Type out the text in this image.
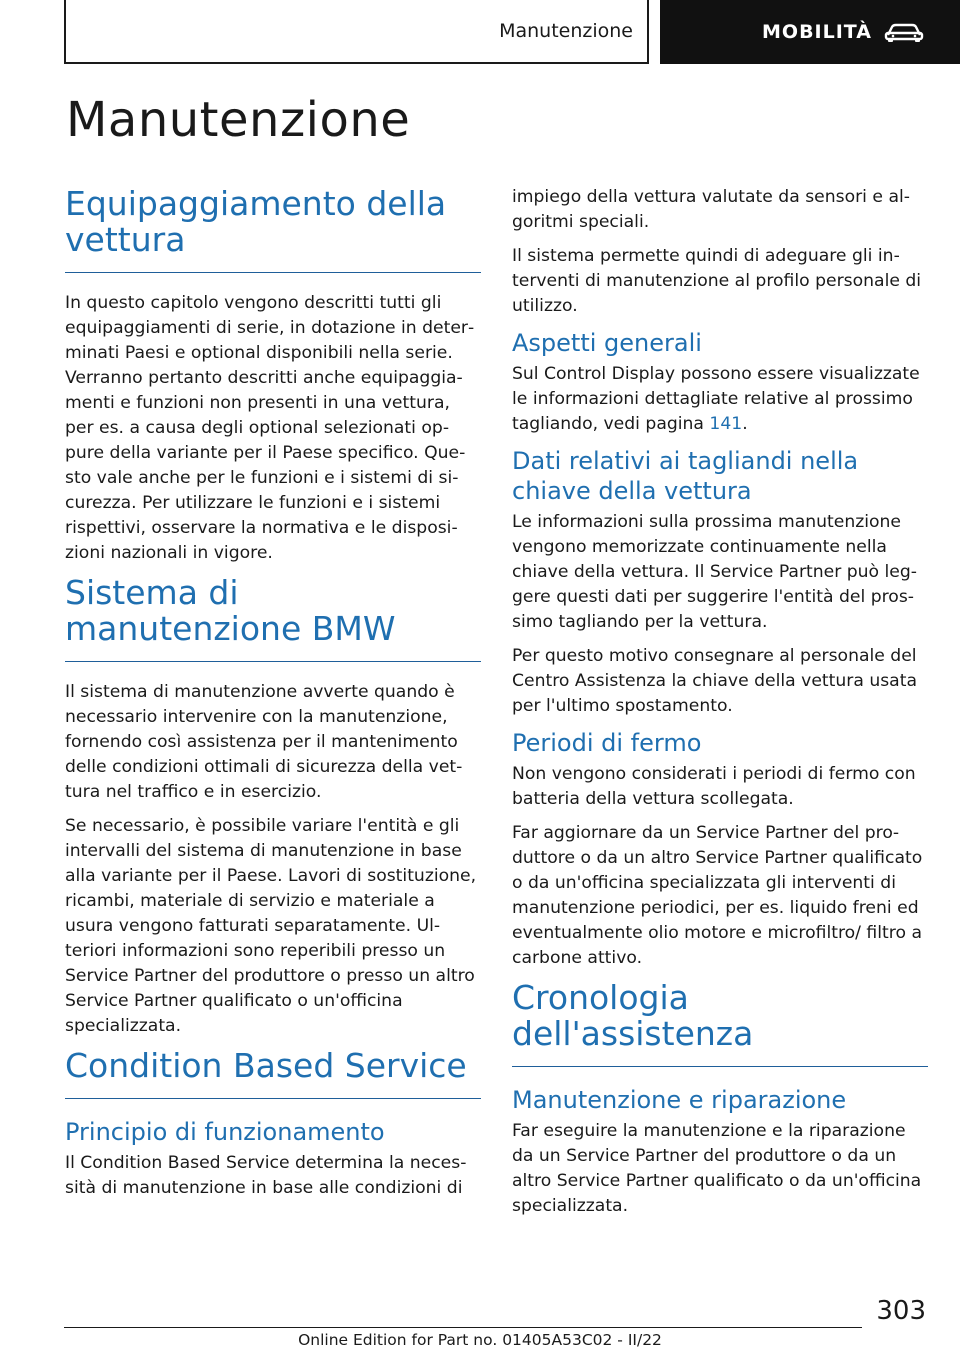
Manutenzione	MOBILITÀ
Manutenzione
Equipaggiamento della vettura

In questo capitolo vengono descritti tutti gli equipaggiamenti di serie, in dotazione in determinati Paesi e optional disponibili nella serie. Verranno pertanto descritti anche equipaggiamenti e funzioni non presenti in una vettura, per es. a causa degli optional selezionati oppure della variante per il Paese specifico. Questo vale anche per le funzioni e i sistemi di sicurezza. Per utilizzare le funzioni e i sistemi rispettivi, osservare la normativa e le disposizioni nazionali in vigore.

Sistema di manutenzione BMW

Il sistema di manutenzione avverte quando è necessario intervenire con la manutenzione, fornendo così assistenza per il mantenimento delle condizioni ottimali di sicurezza della vettura nel traffico e in esercizio.

Se necessario, è possibile variare l'entità e gli intervalli del sistema di manutenzione in base alla variante per il Paese. Lavori di sostituzione, ricambi, materiale di servizio e materiale a usura vengono fatturati separatamente. Ulteriori informazioni sono reperibili presso un Service Partner del produttore o presso un altro Service Partner qualificato o un'officina specializzata.

Condition Based Service
Principio di funzionamento

Il Condition Based Service determina la necessità di manutenzione in base alle condizioni di

impiego della vettura valutate da sensori e algoritmi speciali.

Il sistema permette quindi di adeguare gli interventi di manutenzione al profilo personale di utilizzo.

Aspetti generali

Sul Control Display possono essere visualizzate le informazioni dettagliate relative al prossimo tagliando, vedi pagina 141.

Dati relativi ai tagliandi nella chiave della vettura

Le informazioni sulla prossima manutenzione vengono memorizzate continuamente nella chiave della vettura. Il Service Partner può leggere questi dati per suggerire l'entità del prossimo tagliando per la vettura.

Per questo motivo consegnare al personale del Centro Assistenza la chiave della vettura usata per l'ultimo spostamento.

Periodi di fermo

Non vengono considerati i periodi di fermo con batteria della vettura scollegata.

Far aggiornare da un Service Partner del produttore o da un altro Service Partner qualificato o da un'officina specializzata gli interventi di manutenzione periodici, per es. liquido freni ed eventualmente olio motore e microfiltro/ filtro a carbone attivo.

Cronologia dell'assistenza
Manutenzione e riparazione

Far eseguire la manutenzione e la riparazione da un Service Partner del produttore o da un altro Service Partner qualificato o da un'officina specializzata.

303
Online Edition for Part no. 01405A53C02 - II/22
